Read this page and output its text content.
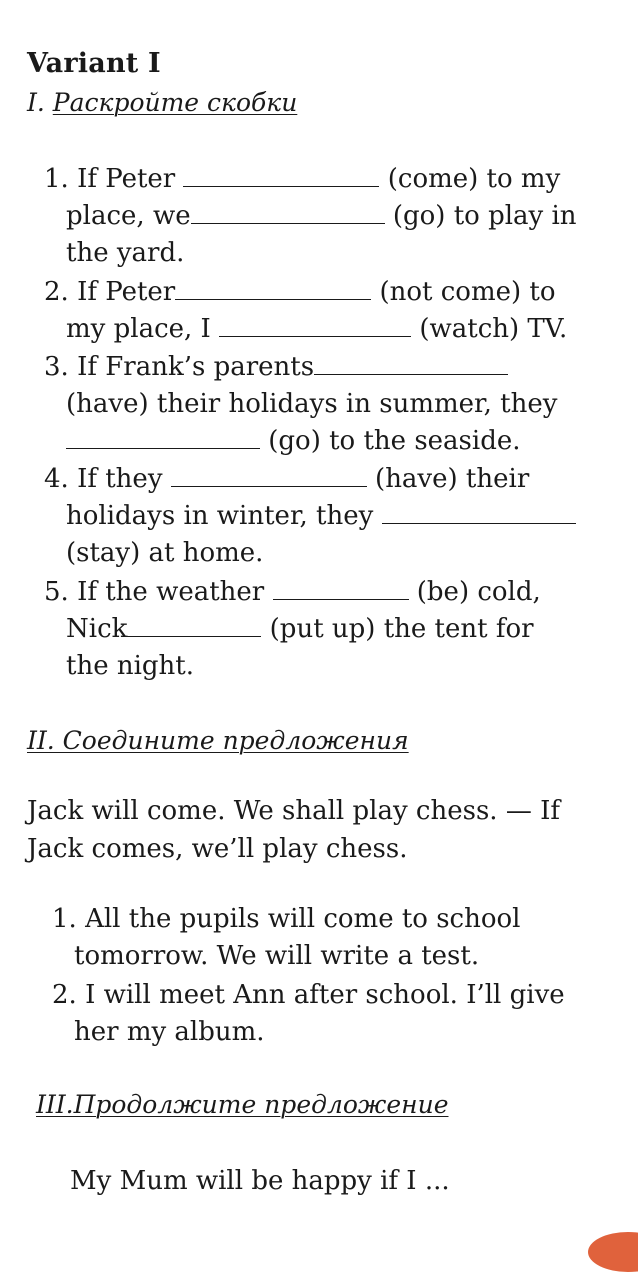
Variant I
I. Раскройте скобки
1. If Peter	(come) to my
place, we	(go) to play in
the yard.
2. If Peter	(not come) to
my place, I	(watch) TV.
3. If Frank’s parents
(have) their holidays in summer, they
(go) to the seaside.
4. If they	(have) their
holidays in winter, they
(stay) at home.
5. If the weather	(be) cold,
Nick	(put up) the tent for
the night.
II. Соедините предложения
Jack will come. We shall play chess. — If
Jack comes, we’ll play chess.
1. All the pupils will come to school
tomorrow. We will write a test.
2. I will meet Ann after school. I’ll give
her my album.
III.Продолжите предложение
My Mum will be happy if I ...
